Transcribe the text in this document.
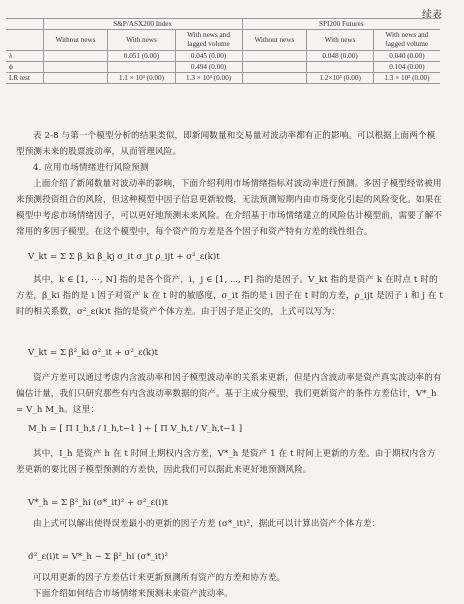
续表
	S&P/ASX200 Index			SPI200 Futures		
	Without news	With news	With news and lagged volume	Without news	With news	With news and lagged volume
λ		0.051 (0.00)	0.045 (0.00)		0.048 (0.00)	0.040 (0.00)
ϕ			0.494 (0.00)			0.104 (0.00)
LR test		1.1 × 10³ (0.00)	1.3 × 10³ (0.00)		1.2×10³ (0.00)	1.3 × 10³ (0.00)

表 2-8 与第一个模型分析的结果类似，即新闻数量和交易量对波动率都有正的影响。可以根据上面两个模型预测未来的股票波动率，从而管理风险。

4. 应用市场情绪进行风险预测

上面介绍了新闻数量对波动率的影响，下面介绍利用市场情绪指标对波动率进行预测。多因子模型经常被用来预测投资组合的风险，但这种模型中因子信息更新较慢，无法预测短期内由市场变化引起的风险变化。如果在模型中考虑市场情绪因子，可以更好地预测未来风险。在介绍基于市场情绪建立的风险估计模型前，需要了解不常用的多因子模型。在这个模型中，每个资产的方差是各个因子和资产特有方差的线性组合。

V_kt = Σ Σ β_ki β_kj σ_it σ_jt ρ_ijt + σ²_ε(k)t

其中，k ∈ [1, ⋯, N] 指的是各个资产，i，j ∈ [1, ⋯, F] 指的是因子。V_kt 指的是资产 k 在时点 t 时的方差，β_ki 指的是 i 因子对资产 k 在 t 时的敏感度，σ_it 指的是 i 因子在 t 时的方差，ρ_ijt 是因子 i 和 j 在 t 时的相关系数，σ²_ε(k)t 指的是资产个体方差。由于因子是正交的，上式可以写为：

V_kt = Σ β²_ki σ²_it + σ²_ε(k)t

资产方差可以通过考虑内含波动率和因子模型波动率的关系来更新，但是内含波动率是资产真实波动率的有偏估计量，我们只研究那些有内含波动率数据的资产。基于主成分模型，我们更新资产的条件方差估计，V*_h = V_h M_h。这里：

M_h = [ Π I_h,t / I_h,t−1 ] ÷ [ Π V_h,t / V_h,t−1 ]

其中，I_h 是资产 h 在 t 时间上期权内含方差，V*_h 是资产 1 在 t 时间上更新的方差。由于期权内含方差更新的要比因子模型预测的方差快，因此我们可以据此来更好地预测风险。

V*_h = Σ β²_hi (σ*_it)² + σ²_ε(i)t

由上式可以解出使得误差最小的更新的因子方差 (σ*_it)²，据此可以计算出资产个体方差：

σ̂²_ε(i)t = V*_h − Σ β²_hi (σ*_it)²

可以用更新的因子方差估计来更新预测所有资产的方差和协方差。

下面介绍如何结合市场情绪来预测未来资产波动率。
